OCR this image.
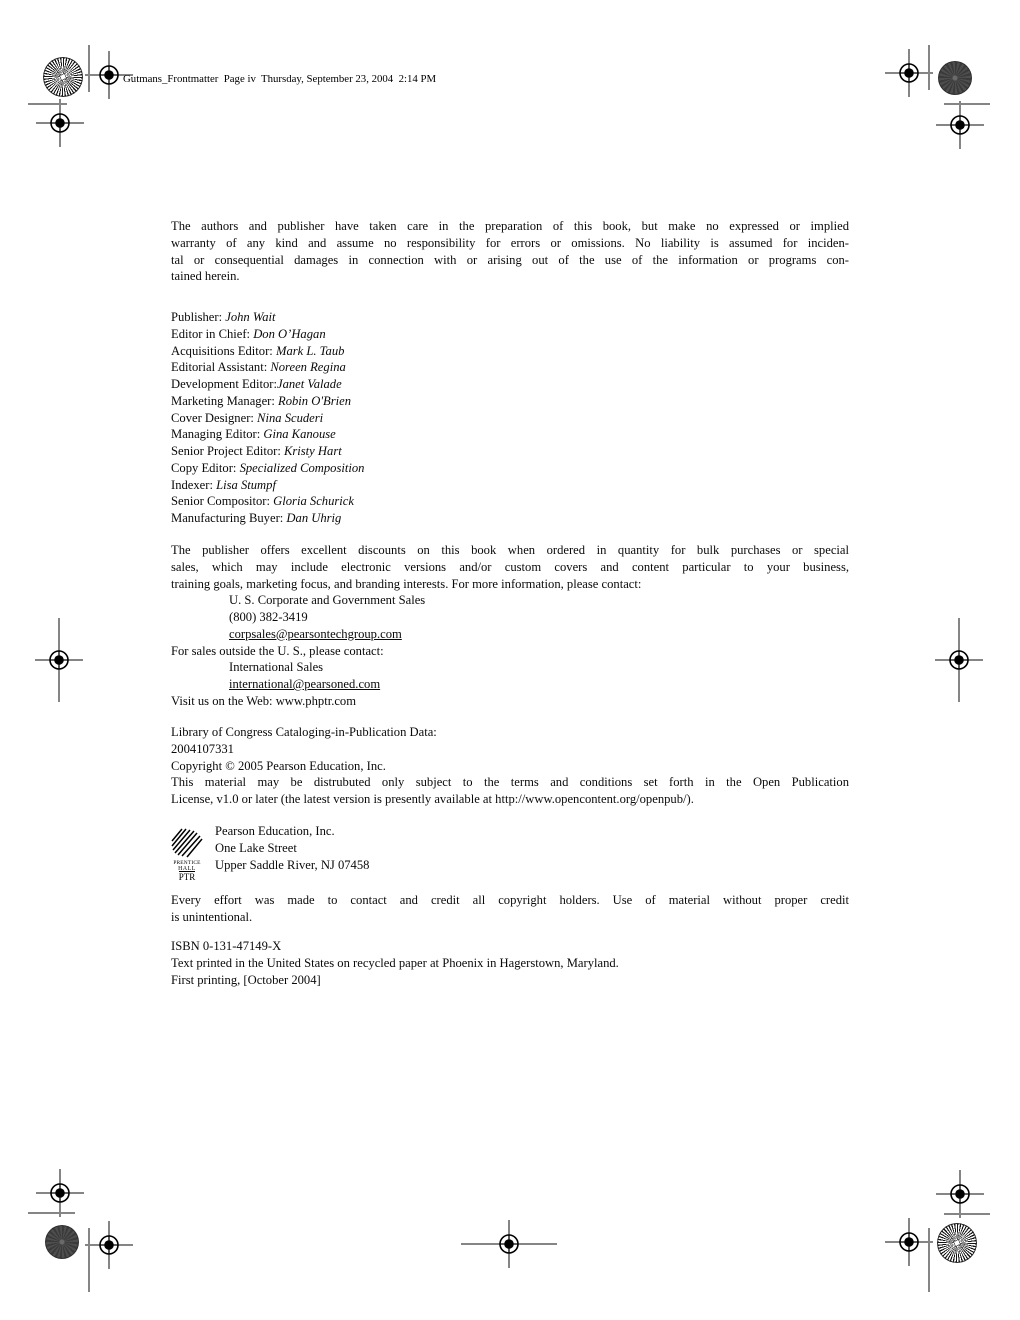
Gutmans_Frontmatter  Page iv  Thursday, September 23, 2004  2:14 PM
The authors and publisher have taken care in the preparation of this book, but make no expressed or implied
warranty of any kind and assume no responsibility for errors or omissions. No liability is assumed for inciden-
tal or consequential damages in connection with or arising out of the use of the information or programs con-
tained herein.
Publisher: John Wait
Editor in Chief: Don O’Hagan
Acquisitions Editor: Mark L. Taub
Editorial Assistant: Noreen Regina
Development Editor:Janet Valade
Marketing Manager: Robin O'Brien
Cover Designer: Nina Scuderi
Managing Editor: Gina Kanouse
Senior Project Editor: Kristy Hart
Copy Editor: Specialized Composition
Indexer: Lisa Stumpf
Senior Compositor: Gloria Schurick
Manufacturing Buyer: Dan Uhrig
The publisher offers excellent discounts on this book when ordered in quantity for bulk purchases or special
sales, which may include electronic versions and/or custom covers and content particular to your business,
training goals, marketing focus, and branding interests. For more information, please contact:
U. S. Corporate and Government Sales
(800) 382-3419
corpsales@pearsontechgroup.com
For sales outside the U. S., please contact:
International Sales
international@pearsoned.com
Visit us on the Web: www.phptr.com
Library of Congress Cataloging-in-Publication Data:
2004107331
Copyright © 2005 Pearson Education, Inc.
This material may be distrubuted only subject to the terms and conditions set forth in the Open Publication
License, v1.0 or later (the latest version is presently available at http://www.opencontent.org/openpub/).
PRENTICE
HALL
PTR
Pearson Education, Inc.
One Lake Street
Upper Saddle River, NJ 07458
Every effort was made to contact and credit all copyright holders. Use of material without proper credit
is unintentional.
ISBN 0-131-47149-X
Text printed in the United States on recycled paper at Phoenix in Hagerstown, Maryland.
First printing, [October 2004]
